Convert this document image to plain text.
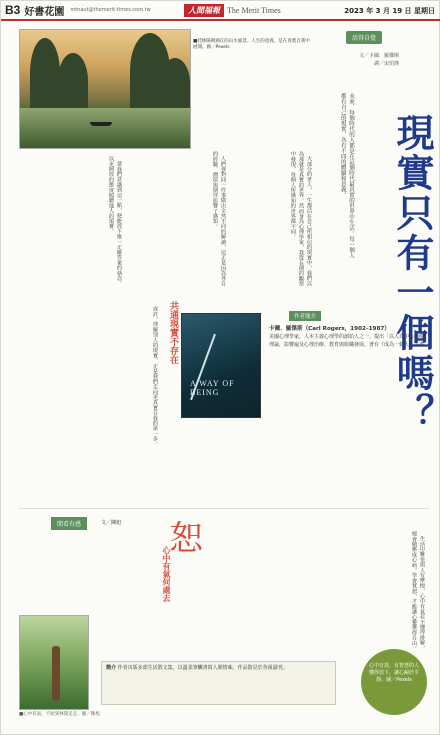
B3 好書花園 mtnaut@themerit-times.com.tw	人間福報 The Merit Times	2023 年 3 月 19 日 星期日
■桂林陽朔漓江的山水風景。人生的意義，是在真實自我中展開。圖／Pexels
活得自覺
文／卡爾．羅傑斯　譯／宋伯瑛
現實只有一個嗎？
未來，每個時代的人都是在這個時代最真實的世界中生活。每一個人都有自己的現實，各有不同的體驗和意義。

大部分的世人，一生都活在自己所相信的現實中，我們以為那就是真實的世界。然而身為心理學家，我從長期的觀察中發現，每個人所感知的世界都不同。

人們會對同一件事做出全然不同的解讀，這正是因為各自的經驗、價值與期待影響了感知。

當我們意識到這一點，便能放下唯一正確答案的執念，以更開放的態度傾聽他人的現實。

共通現實不存在

或許，理解別人的現實，正是我們走向更真實自我的第一步。	A WAY OF BEING
作者簡介
卡爾．羅傑斯（Carl Rogers，1902–1987）
美國心理學家，人本主義心理學的創始人之一。提出「以人為中心治療」理論，影響遍及心理治療、教育與組織發展。著有《成為一個人》等書。
閒看有感	文／陳旭 恕
心中有氣何處去	生活中難免與人有摩擦，心中有氣若不懂得排解，便會積壓成心病。學會寬恕，才能讓心靈獲得自由。

■心中有氣，不妨到林間走走。圖／陳旭
簡介 作者出版多部生活散文集，以溫柔筆觸書寫人間情味，作品散見於各報副刊。	心中有怨，有智慧的人懂得放下，讓心歸於平靜。圖／Pexels
